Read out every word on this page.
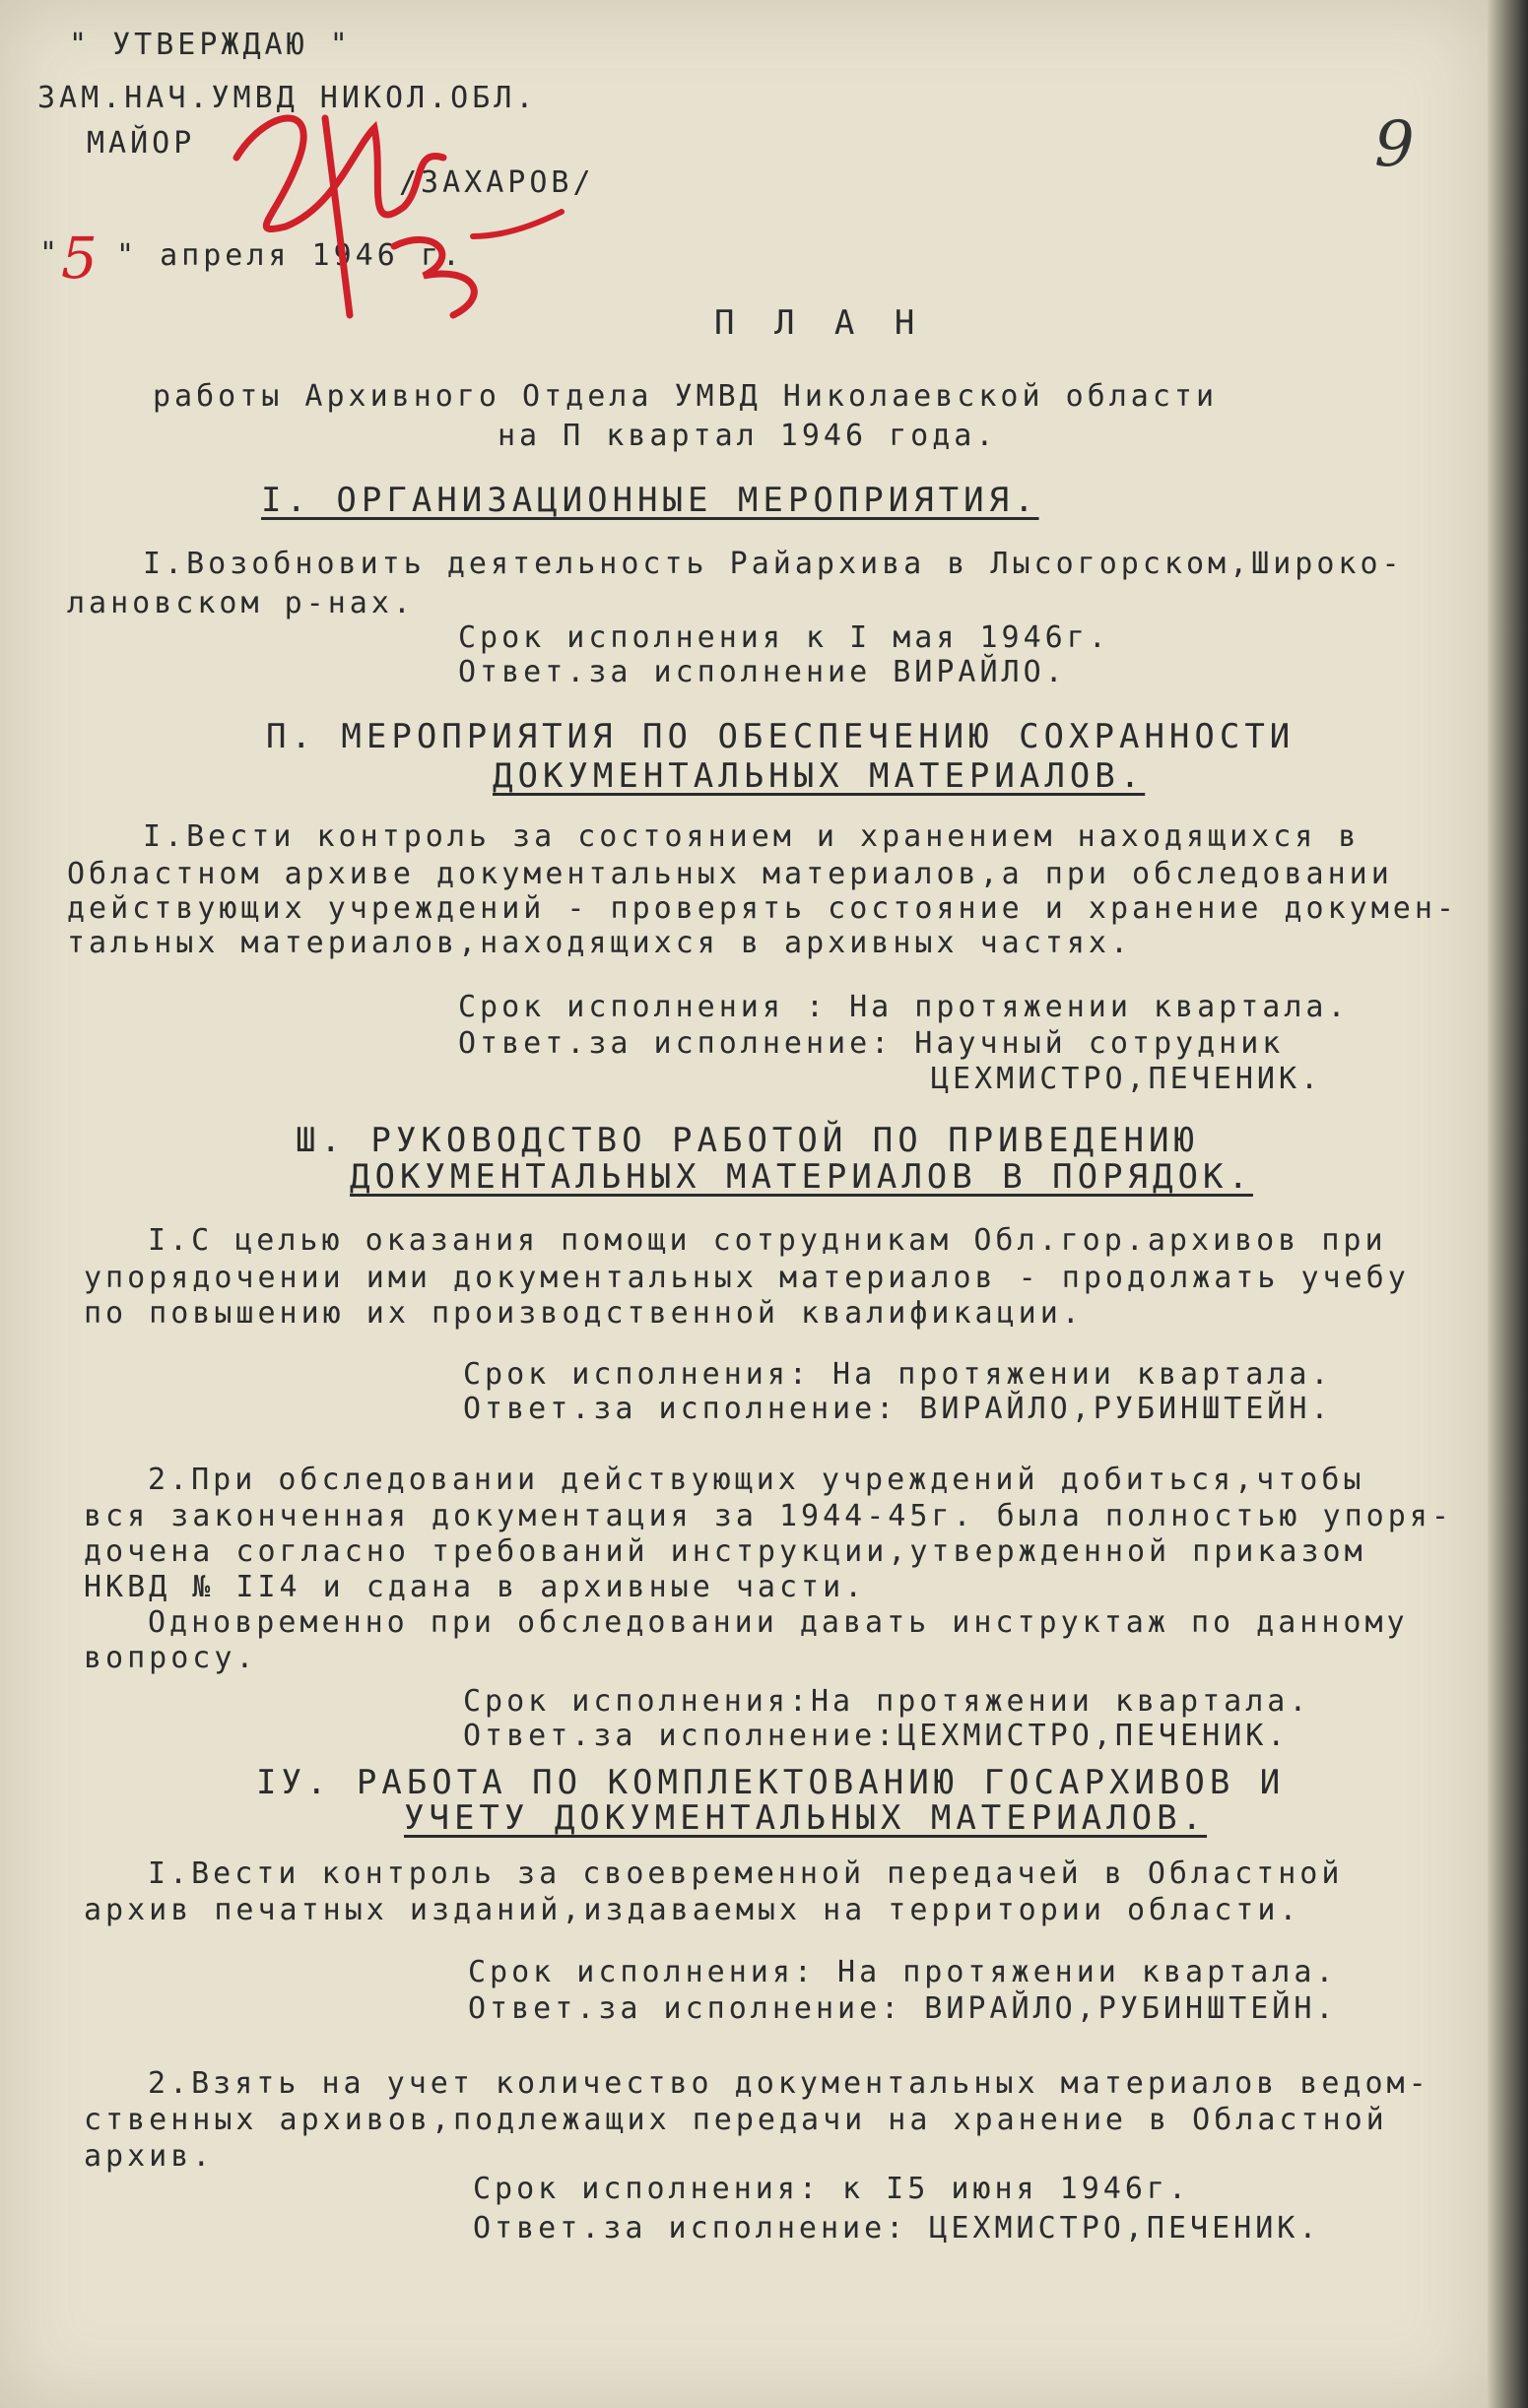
" УТВЕРЖДАЮ "
ЗАМ.НАЧ.УМВД НИКОЛ.ОБЛ.
МАЙОР
/ЗАХАРОВ/
" 5 " апреля 1946 г.
9
П Л А Н
работы Архивного Отдела УМВД Николаевской области
на П квартал 1946 года.
I. ОРГАНИЗАЦИОННЫЕ МЕРОПРИЯТИЯ.
I.Возобновить деятельность Райархива в Лысогорском,Широко-
лановском р-нах.
Срок исполнения к I мая 1946г.
Ответ.за исполнение ВИРАЙЛО.
П. МЕРОПРИЯТИЯ ПО ОБЕСПЕЧЕНИЮ СОХРАННОСТИ
ДОКУМЕНТАЛЬНЫХ МАТЕРИАЛОВ.
I.Вести контроль за состоянием и хранением находящихся в
Областном архиве документальных материалов,а при обследовании
действующих учреждений - проверять состояние и хранение докумен-
тальных материалов,находящихся в архивных частях.
Срок исполнения : На протяжении квартала.
Ответ.за исполнение: Научный сотрудник
ЦЕХМИСТРО,ПЕЧЕНИК.
Ш. РУКОВОДСТВО РАБОТОЙ ПО ПРИВЕДЕНИЮ
ДОКУМЕНТАЛЬНЫХ МАТЕРИАЛОВ В ПОРЯДОК.
I.С целью оказания помощи сотрудникам Обл.гор.архивов при
упорядочении ими документальных материалов - продолжать учебу
по повышению их производственной квалификации.
Срок исполнения: На протяжении квартала.
Ответ.за исполнение: ВИРАЙЛО,РУБИНШТЕЙН.
2.При обследовании действующих учреждений добиться,чтобы
вся законченная документация за 1944-45г. была полностью упоря-
дочена согласно требований инструкции,утвержденной приказом
НКВД № II4 и сдана в архивные части.
Одновременно при обследовании давать инструктаж по данному
вопросу.
Срок исполнения:На протяжении квартала.
Ответ.за исполнение:ЦЕХМИСТРО,ПЕЧЕНИК.
IУ. РАБОТА ПО КОМПЛЕКТОВАНИЮ ГОСАРХИВОВ И
УЧЕТУ ДОКУМЕНТАЛЬНЫХ МАТЕРИАЛОВ.
I.Вести контроль за своевременной передачей в Областной
архив печатных изданий,издаваемых на территории области.
Срок исполнения: На протяжении квартала.
Ответ.за исполнение: ВИРАЙЛО,РУБИНШТЕЙН.
2.Взять на учет количество документальных материалов ведом-
ственных архивов,подлежащих передачи на хранение в Областной
архив.
Срок исполнения: к I5 июня 1946г.
Ответ.за исполнение: ЦЕХМИСТРО,ПЕЧЕНИК.
